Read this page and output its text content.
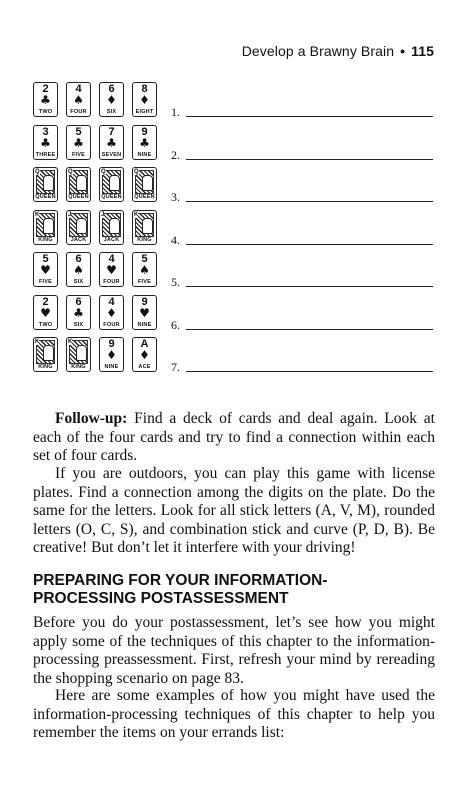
Develop a Brawny Brain • 115
2
♣
TWO
4
♠
FOUR
6
♦
SIX
8
♦
EIGHT 1.
3
♣
THREE
5
♣
FIVE
7
♣
SEVEN
9
♣
NINE	2.
Q
QUEEN
Q
QUEEN
Q
QUEEN
Q
QUEEN 3.
K
KING
J
JACK
J
JACK
K
KING	4.
5
♥
FIVE
6
♠
SIX
4
♥
FOUR
5
♠
FIVE	5.
2
♥
TWO
6
♣
SIX
4
♦
FOUR
9
♥
NINE	6.
K
KING
K
KING
9
♦
NINE
A
♦
ACE	7.
Follow-up: Find a deck of cards and deal again. Look at each of the four cards and try to find a connection within each set of four cards.
If you are outdoors, you can play this game with license plates. Find a connection among the digits on the plate. Do the same for the letters. Look for all stick letters (A, V, M), rounded letters (O, C, S), and combination stick and curve (P, D, B). Be creative! But don’t let it interfere with your driving!
PREPARING FOR YOUR INFORMATION-
PROCESSING POSTASSESSMENT
Before you do your postassessment, let’s see how you might apply some of the techniques of this chapter to the information-processing preassessment. First, refresh your mind by rereading the shopping scenario on page 83.
Here are some examples of how you might have used the information-processing techniques of this chapter to help you remember the items on your errands list:
